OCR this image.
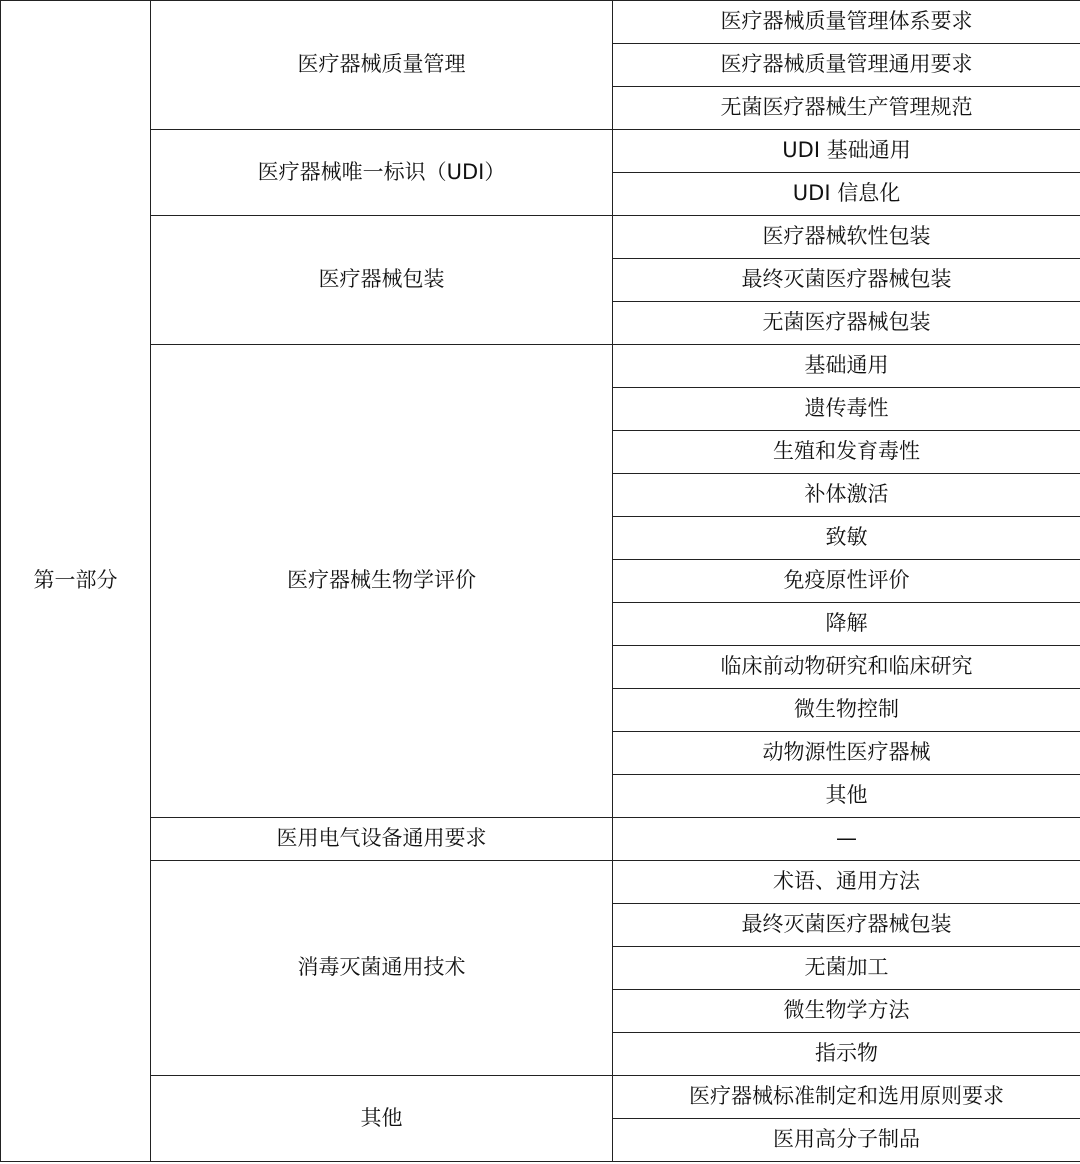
第一部分	医疗器械质量管理	医疗器械质量管理体系要求
		医疗器械质量管理通用要求
		无菌医疗器械生产管理规范
	医疗器械唯一标识（UDI）	UDI 基础通用
		UDI 信息化
	医疗器械包装	医疗器械软性包装
		最终灭菌医疗器械包装
		无菌医疗器械包装
	医疗器械生物学评价	基础通用
		遗传毒性
		生殖和发育毒性
		补体激活
		致敏
		免疫原性评价
		降解
		临床前动物研究和临床研究
		微生物控制
		动物源性医疗器械
		其他
	医用电气设备通用要求	—
	消毒灭菌通用技术	术语、通用方法
		最终灭菌医疗器械包装
		无菌加工
		微生物学方法
		指示物
	其他	医疗器械标准制定和选用原则要求
		医用高分子制品
